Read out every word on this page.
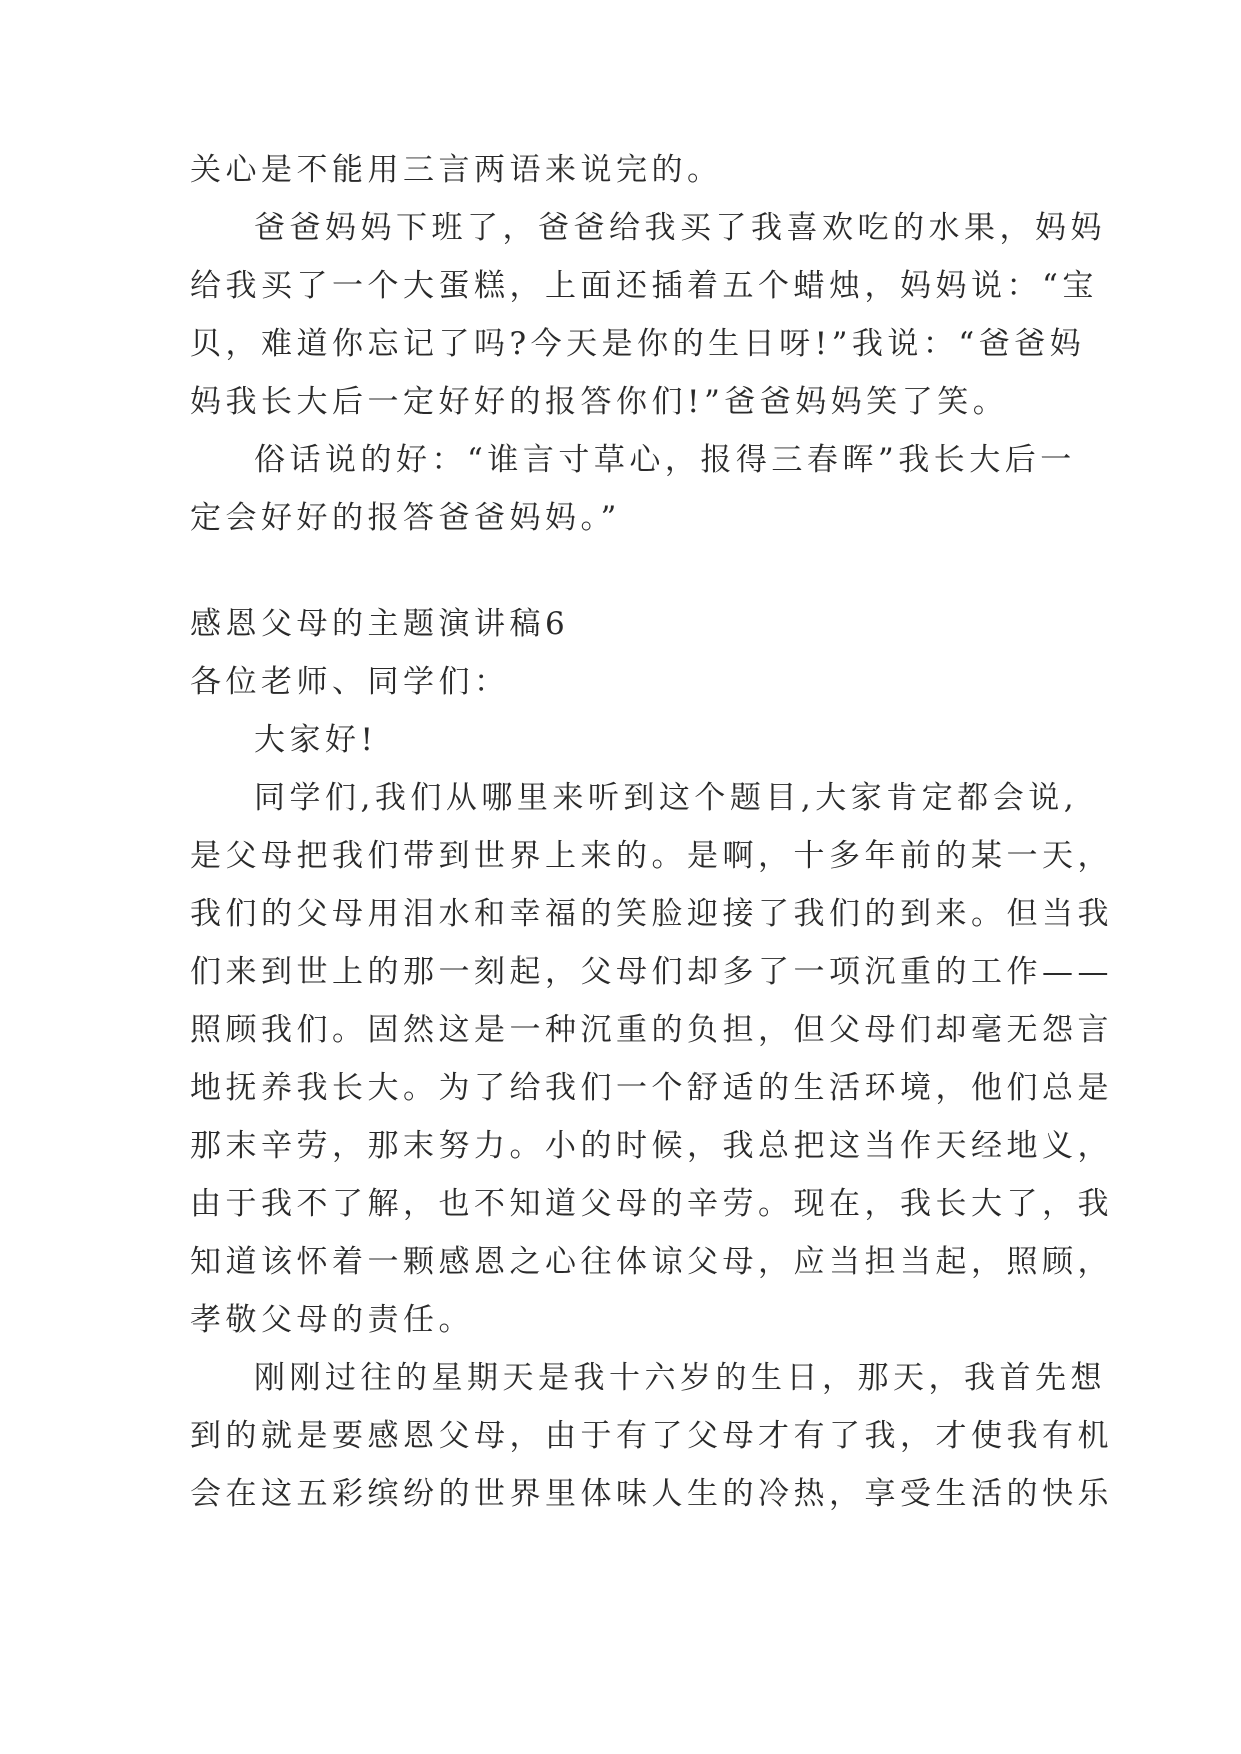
关心是不能用三言两语来说完的。
爸爸妈妈下班了，爸爸给我买了我喜欢吃的水果，妈妈
给我买了一个大蛋糕，上面还插着五个蜡烛，妈妈说：“宝
贝，难道你忘记了吗?今天是你的生日呀!”我说：“爸爸妈
妈我长大后一定好好的报答你们!”爸爸妈妈笑了笑。
俗话说的好：“谁言寸草心，报得三春晖”我长大后一
定会好好的报答爸爸妈妈。”
感恩父母的主题演讲稿6
各位老师、同学们：
大家好!
同学们,我们从哪里来听到这个题目,大家肯定都会说,
是父母把我们带到世界上来的。是啊，十多年前的某一天，
我们的父母用泪水和幸福的笑脸迎接了我们的到来。但当我
们来到世上的那一刻起，父母们却多了一项沉重的工作——
照顾我们。固然这是一种沉重的负担，但父母们却毫无怨言
地抚养我长大。为了给我们一个舒适的生活环境，他们总是
那末辛劳，那末努力。小的时候，我总把这当作天经地义，
由于我不了解，也不知道父母的辛劳。现在，我长大了，我
知道该怀着一颗感恩之心往体谅父母，应当担当起，照顾，
孝敬父母的责任。
刚刚过往的星期天是我十六岁的生日，那天，我首先想
到的就是要感恩父母，由于有了父母才有了我，才使我有机
会在这五彩缤纷的世界里体味人生的冷热，享受生活的快乐
